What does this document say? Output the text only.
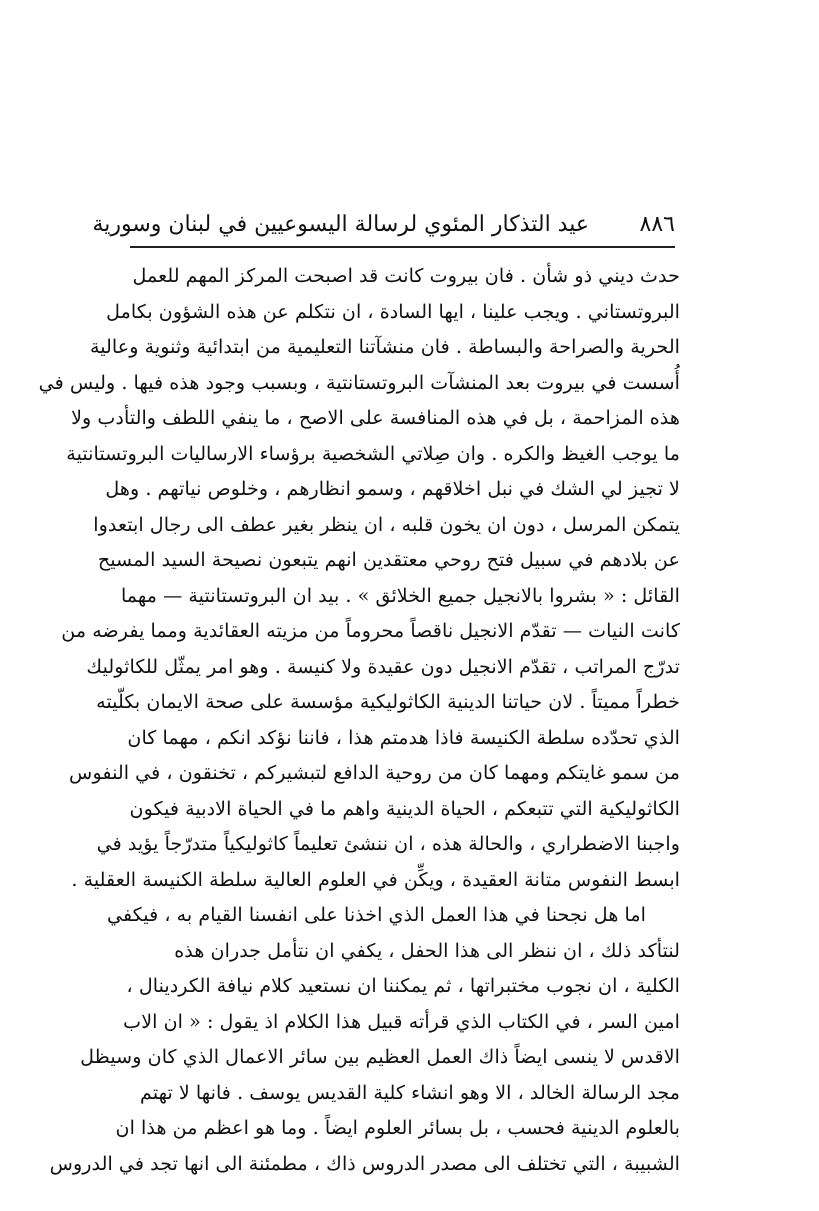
٨٨٦
عيد التذكار المئوي لرسالة اليسوعيين في لبنان وسورية
حدث ديني ذو شأن . فان بيروت كانت قد اصبحت المركز المهم للعمل
البروتستاني . ويجب علينا ، ايها السادة ، ان نتكلم عن هذه الشؤون بكامل
الحرية والصراحة والبساطة . فان منشآتنا التعليمية من ابتدائية وثنوية وعالية
أُسست في بيروت بعد المنشآت البروتستانتية ، وبسبب وجود هذه فيها . وليس في
هذه المزاحمة ، بل في هذه المنافسة على الاصح ، ما ينفي اللطف والتأدب ولا
ما يوجب الغيظ والكره . وان صِلاتي الشخصية برؤساء الارساليات البروتستانتية
لا تجيز لي الشك في نبل اخلاقهم ، وسمو انظارهم ، وخلوص نياتهم . وهل
يتمكن المرسل ، دون ان يخون قلبه ، ان ينظر بغير عطف الى رجال ابتعدوا
عن بلادهم في سبيل فتح روحي معتقدين انهم يتبعون نصيحة السيد المسيح
القائل : « بشروا بالانجيل جميع الخلائق » . بيد ان البروتستانتية — مهما
كانت النيات — تقدّم الانجيل ناقصاً محروماً من مزيته العقائدية ومما يفرضه من
تدرّج المراتب ، تقدّم الانجيل دون عقيدة ولا كنيسة . وهو امر يمثّل للكاثوليك
خطراً مميتاً . لان حياتنا الدينية الكاثوليكية مؤسسة على صحة الايمان بكلّيته
الذي تحدّده سلطة الكنيسة فاذا هدمتم هذا ، فاننا نؤكد انكم ، مهما كان
من سمو غايتكم ومهما كان من روحية الدافع لتبشيركم ، تخنقون ، في النفوس
الكاثوليكية التي تتبعكم ، الحياة الدينية واهم ما في الحياة الادبية فيكون
واجبنا الاضطراري ، والحالة هذه ، ان ننشئ تعليماً كاثوليكياً متدرّجاً يؤيد في
ابسط النفوس متانة العقيدة ، ويكِّن في العلوم العالية سلطة الكنيسة العقلية .
اما هل نجحنا في هذا العمل الذي اخذنا على انفسنا القيام به ، فيكفي
لنتأكد ذلك ، ان ننظر الى هذا الحفل ، يكفي ان نتأمل جدران هذه
الكلية ، ان نجوب مختبراتها ، ثم يمكننا ان نستعيد كلام نيافة الكردينال ،
امين السر ، في الكتاب الذي قرأته قبيل هذا الكلام اذ يقول : « ان الاب
الاقدس لا ينسى ايضاً ذاك العمل العظيم بين سائر الاعمال الذي كان وسيظل
مجد الرسالة الخالد ، الا وهو انشاء كلية القديس يوسف . فانها لا تهتم
بالعلوم الدينية فحسب ، بل بسائر العلوم ايضاً . وما هو اعظم من هذا ان
الشبيبة ، التي تختلف الى مصدر الدروس ذاك ، مطمئنة الى انها تجد في الدروس
